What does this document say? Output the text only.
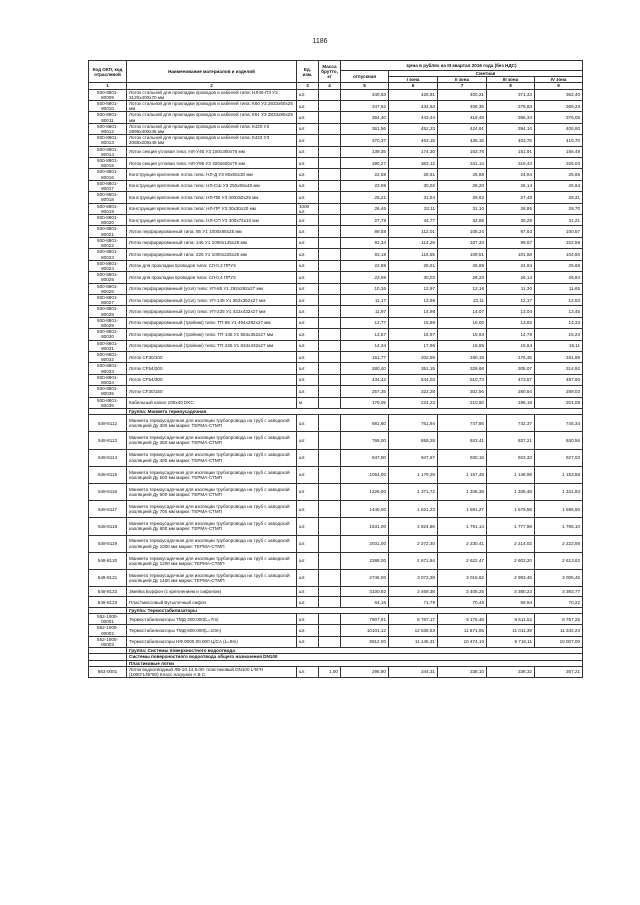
1186
Код ОКП, код отраслевой	Наименование материалов и изделий	Ед. изм.	Масса брутто, кг	Цена в рублях на III квартал 2016 года (без НДС)				
				отпускная	Сметная			
					I зона	II зона	III зона	IV зона
1	2	3	4	5	6	7	8	9
500-8801-80009	Лоток стальной для прокладки проводов и кабелей типа: НЛ40-П3 У3 3120х400х70 мм	шт.		340,63	425,81	400,21	371,33	362,40
500-8801-80010	Лоток стальной для прокладки проводов и кабелей типа: К60 У3 2833х60х25 мм	шт.		347,52	434,63	408,35	378,83	369,23
500-8801-80011	Лоток стальной для прокладки проводов и кабелей типа: К61 У3 2833х80х25 мм	шт.		354,40	443,44	416,48	386,34	376,05
500-8801-80012	Лоток стальной для прокладки проводов и кабелей типа: К420 У3 2895х400х45 мм	шт.		361,56	452,23	424,91	394,14	405,60
500-8801-80013	Лоток стальной для прокладки проводов и кабелей типа: К422 У3 2085х200х45 мм	шт.		370,37	463,15	435,15	403,75	415,70
500-8801-80014	Лоток секция угловая типа: НЛ-У45 У3 100х300х75 мм	шт.		139,35	174,30	163,78	151,91	156,49
500-8801-80015	Лоток секция угловая типа: НЛ-У95 У3 400х600х75 мм	шт.		290,27	363,12	341,14	316,43	326,03
500-8801-80016	Конструкция крепления лотка типа: НЛ-Д У3 80х65х30 мм	шт.		22,68	28,61	26,88	24,94	25,66
500-8801-80017	Конструкция крепления лотка типа: НЛ-СШ У3 250х65х48 мм	шт.		23,98	30,02	28,20	26,14	26,94
500-8801-80018	Конструкция крепления лотка типа: НЛ-ПВ У3 400х50х25 мм	шт.		25,21	31,54	29,62	27,48	28,31
500-8801-80019	Конструкция крепления лотка типа: НЛ-ПР У3 30х30х20 мм	1000 шт.		26,46	33,11	31,10	28,85	29,70
500-8801-80020	Конструкция крепления лотка типа: НЛ-СП У3 400х74х10 мм	шт.		27,79	34,77	32,66	30,29	31,21
500-8801-80021	Лоток перфорированный типа: 85 У1 1000х85х25 мм	шт.		89,58	112,01	105,24	97,63	100,57
500-8801-80022	Лоток перфорированный типа: 145 У1 1000х145х25 мм	шт.		91,34	114,29	107,34	99,57	102,59
500-8801-80023	Лоток перфорированный типа: 225 У1 1000х225х25 мм	шт.		93,18	116,55	109,51	101,58	104,60
500-8801-80024	Лоток для прокладки проводов типа: СЛ-0,2 ПРУ3	шт.		22,88	28,61	26,88	24,94	25,68
500-8801-80025	Лоток для прокладки проводов типа: СЛ-0,4 ПРУ3	шт.		23,98	30,02	28,20	26,14	26,94
500-8801-80026	Лоток перфорированный (угол) типа: УП-85 У1 292х292х27 мм	шт.		10,36	12,97	12,18	11,30	11,65
500-8801-80027	Лоток перфорированный (угол) типа: УП-145 У1 352х352х27 мм	шт.		11,17	13,98	13,11	12,17	12,53
500-8801-80028	Лоток перфорированный (угол) типа: УП-225 У1 432х432х27 мм	шт.		11,97	14,98	14,07	13,04	13,45
500-8801-80029	Лоток перфорированный (тройник) типа: ТП-85 У1 494х292х27 мм	шт.		12,77	15,98	15,00	13,92	14,33
500-8801-80030	Лоток перфорированный (тройник) типа: ТП-145 У1 554х352х27 мм	шт.		13,57	16,97	15,93	14,79	15,23
500-8801-80031	Лоток перфорированный (тройник) типа: ТП-225 У1 634х432х27 мм	шт.		14,34	17,96	16,86	15,64	16,11
500-8801-80032	Лоток CF30/100	шт.		161,77	202,59	190,19	176,35	181,89
500-8801-80033	Лоток CF54/200	шт.		280,40	351,15	329,68	305,07	314,92
500-8801-80034	Лоток CF54/300	шт.		434,42	544,03	510,73	473,57	487,90
500-8801-80035	Лоток CF30/150	шт.		257,35	322,28	302,56	280,54	289,03
500-8801-80036	Кабельный канал 100х40 DKC	м		179,05	224,23	210,50	195,19	201,09
	Группа: Манжета термоусадочная							
548-8112	Манжета термоусадочная для изоляции трубопровода на труб с заводской изоляцией Ду 300 мм марки: ТЕРМА-СТМП	шт.		681,60	761,94	747,86	742,37	745,34
548-8113	Манжета термоусадочная для изоляции трубопровода на труб с заводской изоляцией Ду 350 мм марки: ТЕРМА-СТМП	шт.		768,00	859,28	843,41	837,21	840,56
548-8114	Манжета термоусадочная для изоляции трубопровода на труб с заводской изоляцией Ду 400 мм марки: ТЕРМА-СТМП	шт.		847,00	947,67	930,16	923,33	927,03
548-8115	Манжета термоусадочная для изоляции трубопровода на труб с заводской изоляцией Ду 500 мм марки: ТЕРМА-СТМП	шт.		1054,00	1 179,28	1 157,49	1 148,98	1 153,58
548-8116	Манжета термоусадочная для изоляции трубопровода на труб с заводской изоляцией Ду 600 мм марки: ТЕРМА-СТМП	шт		1226,00	1 371,72	1 346,38	1 336,48	1 341,83
548-8117	Манжета термоусадочная для изоляции трубопровода на труб с заводской изоляцией Ду 700 мм марки: ТЕРМА-СТМП	шт.		1449,00	1 621,23	1 591,27	1 579,58	1 585,90
548-8118	Манжета термоусадочная для изоляции трубопровода на труб с заводской изоляцией Ду 800 мм марки: ТЕРМА-СТМП	шт.		1631,00	1 824,86	1 791,14	1 777,98	1 785,10
548-8119	Манжета термоусадочная для изоляции трубопровода на труб с заводской изоляцией Ду 1000 мм марки: ТЕРМА-СТМП	шт.		2031,00	2 272,40	2 230,41	2 214,02	2 222,88
548-8120	Манжета термоусадочная для изоляции трубопровода на труб с заводской изоляцией Ду 1200 мм марки: ТЕРМА-СТМП	шт.		2388,00	2 671,84	2 622,47	2 603,20	2 613,62
548-8121	Манжета термоусадочная для изоляции трубопровода на труб с заводской изоляцией Ду 1400 мм марки: ТЕРМА-СТМП	шт.		2746,00	3 072,38	3 015,62	2 993,46	3 005,45
548-8122	Змейка Борфон (с креплением и сифоном)	шт.		3100,92	3 469,38	3 405,25	3 380,23	3 393,77
548-8123	Пластмассовый Бутылочный сифон	шт.		64,16	71,79	70,46	69,94	70,22
	Группа: Термостабилизаторы							
552-1000-00001	Термостабилизаторы ТМД-300.000(L=7m)	шт.		7807,91	8 767,17	9 176,48	8 511,52	8 767,25
552-1000-00002	Термостабилизаторы ТМД-600.000(L=10m)	шт.		10101,12	12 635,53	11 871,65	11 011,39	11 342,23
552-1000-00003	Термостабилизаторы НФ.9000.00.000 Ц/СА (L=9m)	шт.		8912,00	11 145,31	10 474,10	9 716,11	10 007,00
	Группа: Системы поверхностного водоотвода							
	Системы поверхностного водоотвода общего назначения DN100							
	Пластиковые лотки							
563-0001	Лоток водоотводный ЛВ-10.14.5.00- пластиковый DN100 L*B*H (1000*145*80) Класс нагрузки А В С	шт.	1,00	295,80	344,31	338,10	338,32	357,21
